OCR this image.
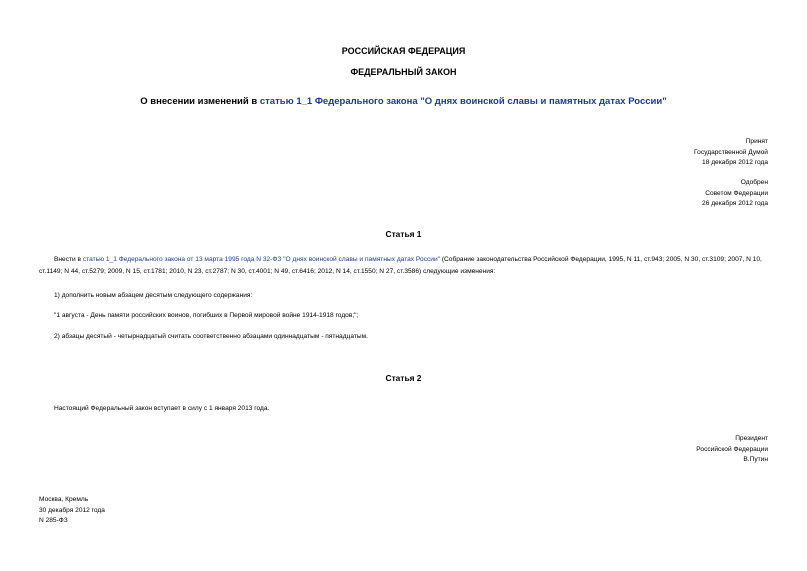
РОССИЙСКАЯ ФЕДЕРАЦИЯ
ФЕДЕРАЛЬНЫЙ ЗАКОН
О внесении изменений в статью 1_1 Федерального закона "О днях воинской славы и памятных датах России"
Принят
Государственной Думой
18 декабря 2012 года
Одобрен
Советом Федерации
26 декабря 2012 года
Статья 1
Внести в статью 1_1 Федерального закона от 13 марта 1995 года N 32-ФЗ "О днях воинской славы и памятных датах России" (Собрание законодательства Российской Федерации, 1995, N 11, ст.943; 2005, N 30, ст.3109; 2007, N 10, ст.1149; N 44, ст.5279; 2009, N 15, ст.1781; 2010, N 23, ст.2787; N 30, ст.4001; N 49, ст.6416; 2012, N 14, ст.1550; N 27, ст.3586) следующие изменения:
1) дополнить новым абзацем десятым следующего содержания:
"1 августа - День памяти российских воинов, погибших в Первой мировой войне 1914-1918 годов;";
2) абзацы десятый - четырнадцатый считать соответственно абзацами одиннадцатым - пятнадцатым.
Статья 2
Настоящий Федеральный закон вступает в силу с 1 января 2013 года.
Президент
Российской Федерации
В.Путин
Москва, Кремль
30 декабря 2012 года
N 285-ФЗ
